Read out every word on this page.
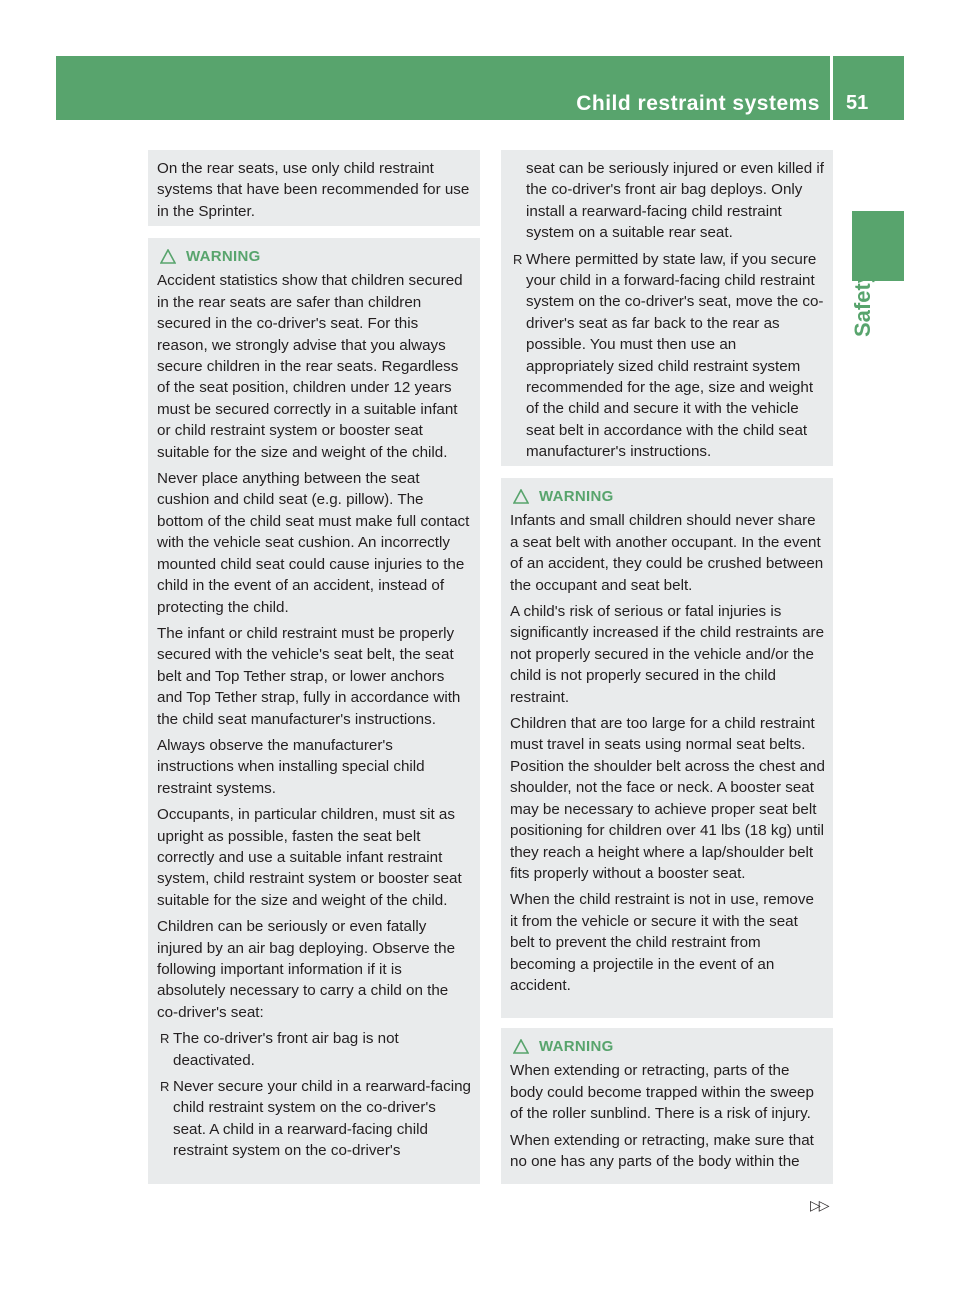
Child restraint systems 51
Safety

On the rear seats, use only child restraint systems that have been recommended for use in the Sprinter.

WARNING

Accident statistics show that children secured in the rear seats are safer than children secured in the co-driver's seat. For this reason, we strongly advise that you always secure children in the rear seats. Regardless of the seat position, children under 12 years must be secured correctly in a suitable infant or child restraint system or booster seat suitable for the size and weight of the child.

Never place anything between the seat cushion and child seat (e.g. pillow). The bottom of the child seat must make full contact with the vehicle seat cushion. An incorrectly mounted child seat could cause injuries to the child in the event of an accident, instead of protecting the child.

The infant or child restraint must be properly secured with the vehicle's seat belt, the seat belt and Top Tether strap, or lower anchors and Top Tether strap, fully in accordance with the child seat manufacturer's instructions.

Always observe the manufacturer's instructions when installing special child restraint systems.

Occupants, in particular children, must sit as upright as possible, fasten the seat belt correctly and use a suitable infant restraint system, child restraint system or booster seat suitable for the size and weight of the child.

Children can be seriously or even fatally injured by an air bag deploying. Observe the following important information if it is absolutely necessary to carry a child on the co-driver's seat:

R The co-driver's front air bag is not deactivated.
R Never secure your child in a rearward-facing child restraint system on the co-driver's seat. A child in a rearward-facing child restraint system on the co-driver's

seat can be seriously injured or even killed if the co-driver's front air bag deploys. Only install a rearward-facing child restraint system on a suitable rear seat.

R Where permitted by state law, if you secure your child in a forward-facing child restraint system on the co-driver's seat, move the co-driver's seat as far back to the rear as possible. You must then use an appropriately sized child restraint system recommended for the age, size and weight of the child and secure it with the vehicle seat belt in accordance with the child seat manufacturer's instructions.
WARNING

Infants and small children should never share a seat belt with another occupant. In the event of an accident, they could be crushed between the occupant and seat belt.

A child's risk of serious or fatal injuries is significantly increased if the child restraints are not properly secured in the vehicle and/or the child is not properly secured in the child restraint.

Children that are too large for a child restraint must travel in seats using normal seat belts. Position the shoulder belt across the chest and shoulder, not the face or neck. A booster seat may be necessary to achieve proper seat belt positioning for children over 41 lbs (18 kg) until they reach a height where a lap/shoulder belt fits properly without a booster seat.

When the child restraint is not in use, remove it from the vehicle or secure it with the seat belt to prevent the child restraint from becoming a projectile in the event of an accident.

WARNING

When extending or retracting, parts of the body could become trapped within the sweep of the roller sunblind. There is a risk of injury.

When extending or retracting, make sure that no one has any parts of the body within the

▷▷
